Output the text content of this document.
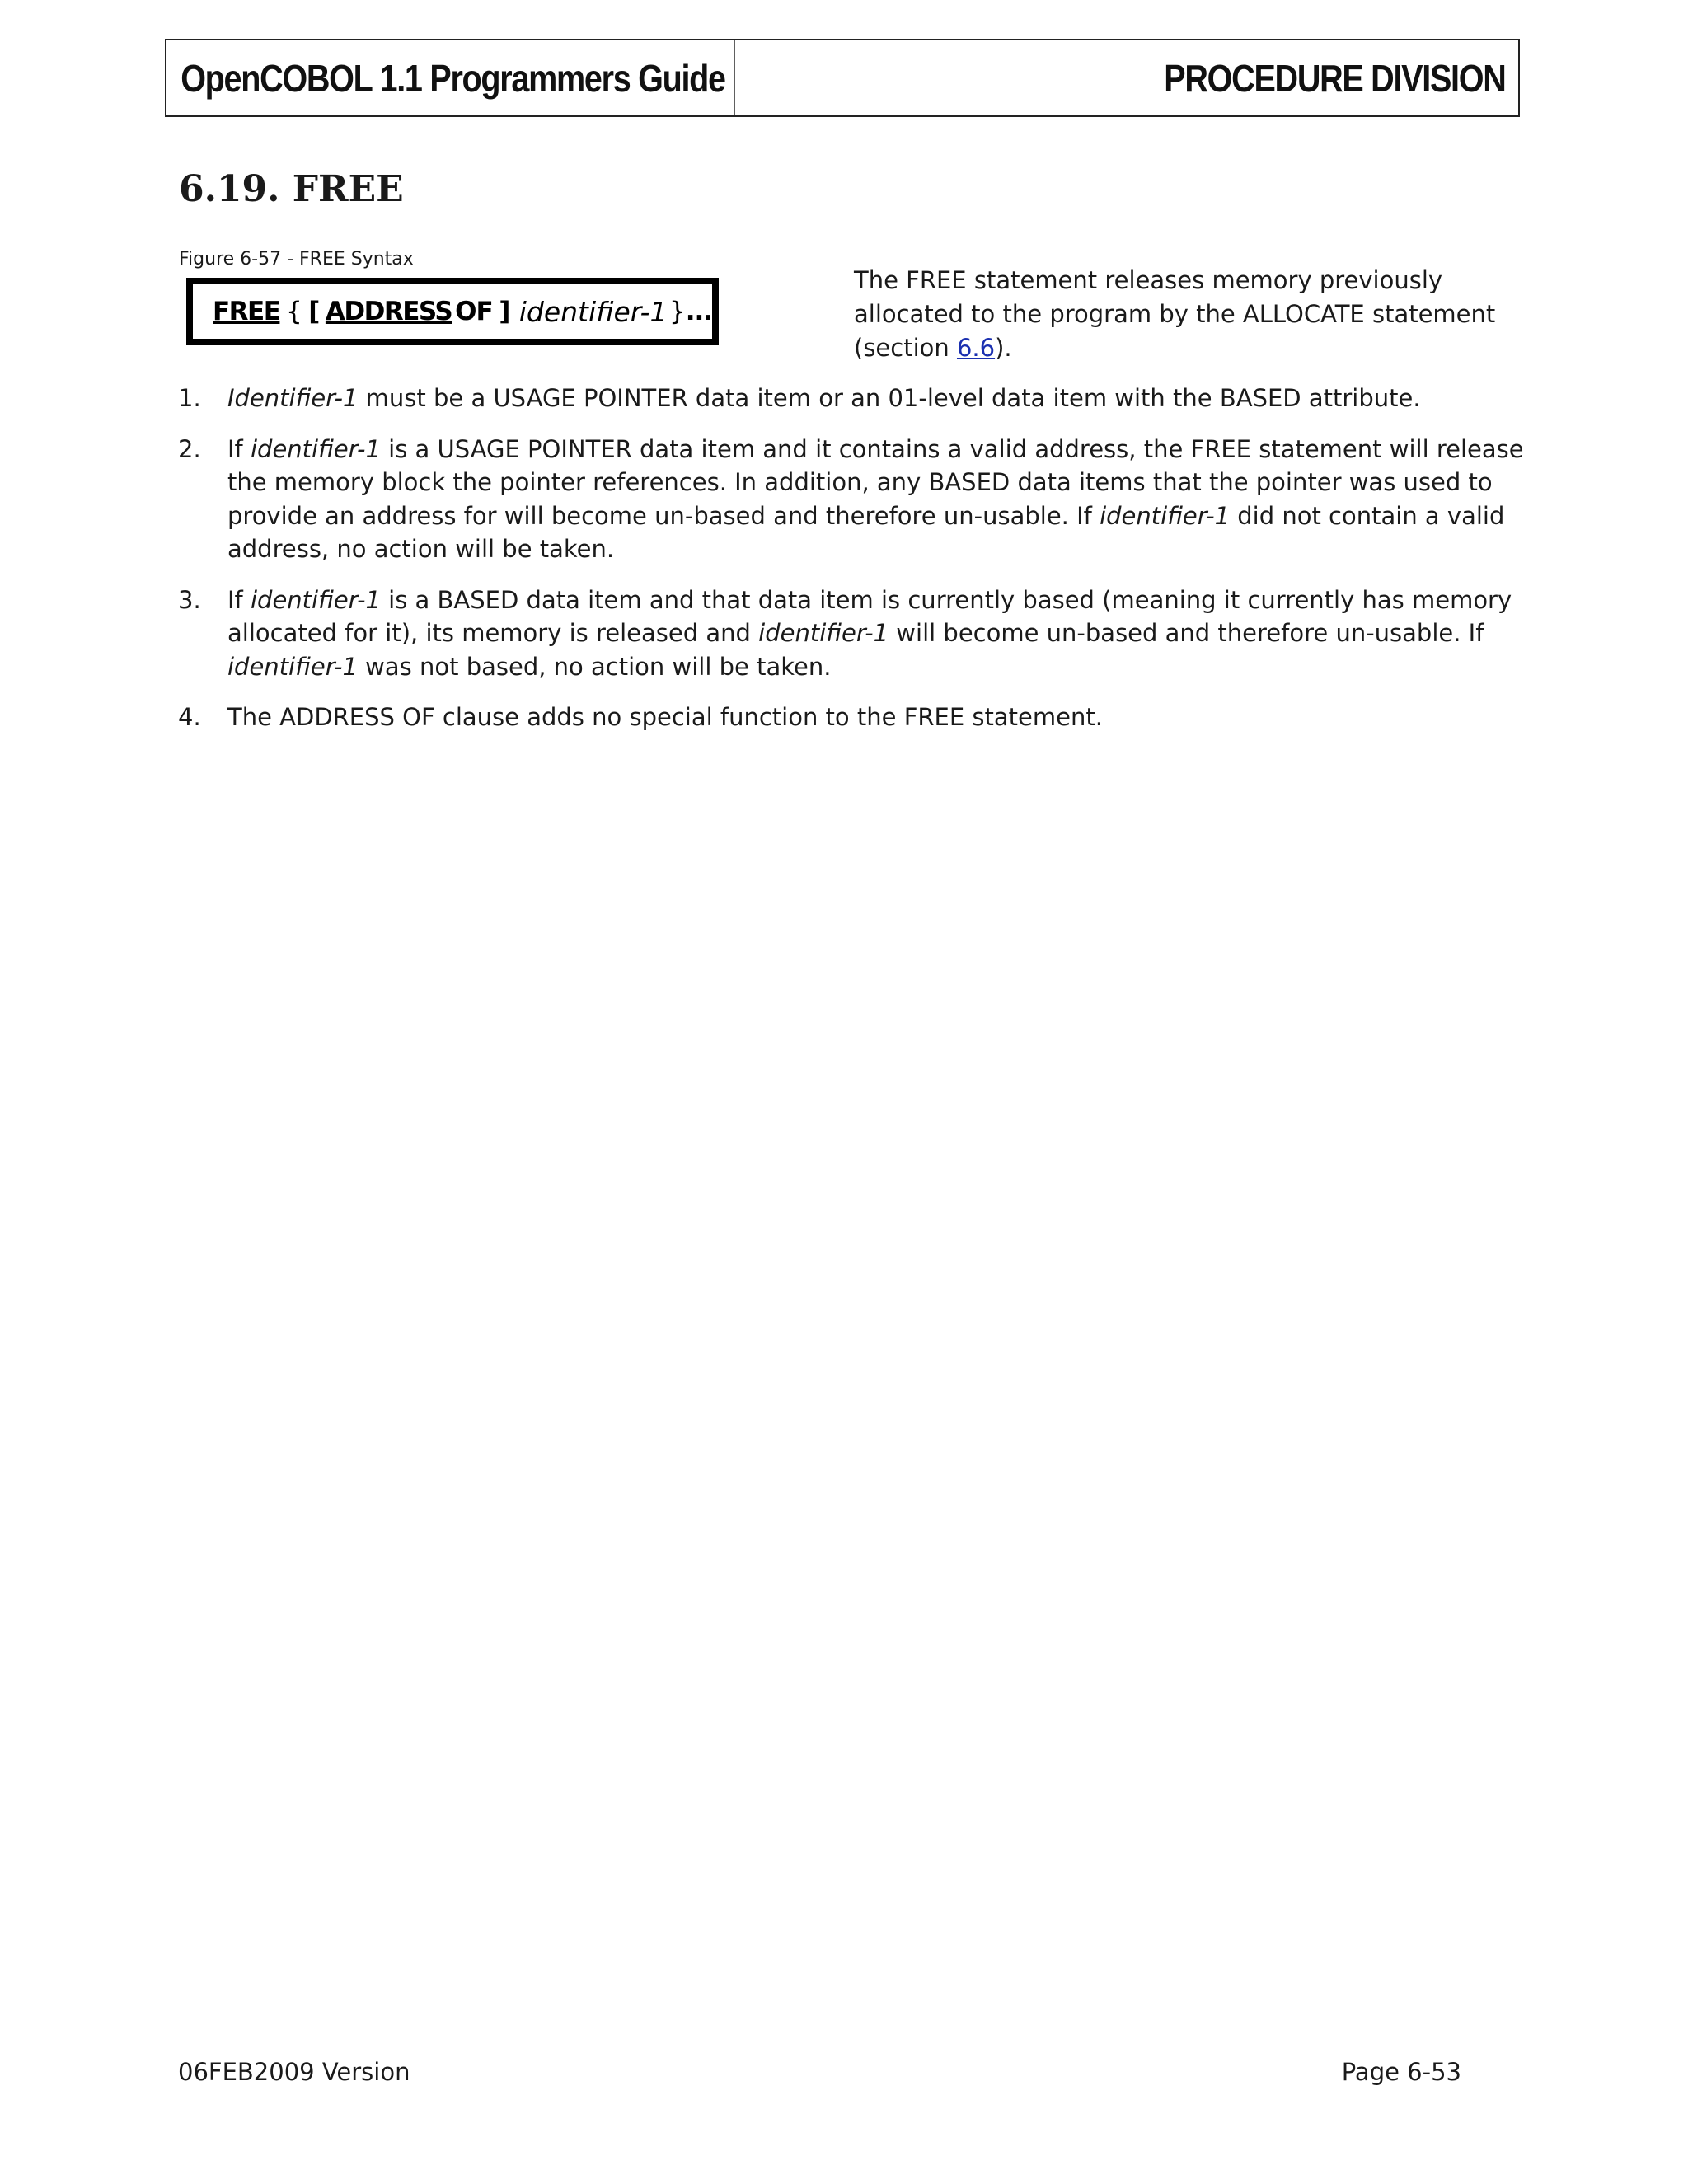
OpenCOBOL 1.1 Programmers Guide	PROCEDURE DIVISION
6.19. FREE
Figure 6-57 - FREE Syntax
FREE { [ ADDRESS OF ] identifier-1 } ...
The FREE statement releases memory previously allocated to the program by the ALLOCATE statement (section 6.6).
1. Identifier-1 must be a USAGE POINTER data item or an 01-level data item with the BASED attribute.
2. If identifier-1 is a USAGE POINTER data item and it contains a valid address, the FREE statement will release the memory block the pointer references. In addition, any BASED data items that the pointer was used to provide an address for will become un-based and therefore un-usable. If identifier-1 did not contain a valid address, no action will be taken.
3. If identifier-1 is a BASED data item and that data item is currently based (meaning it currently has memory allocated for it), its memory is released and identifier-1 will become un-based and therefore un-usable. If identifier-1 was not based, no action will be taken.
4. The ADDRESS OF clause adds no special function to the FREE statement.
06FEB2009 Version	Page 6-53
